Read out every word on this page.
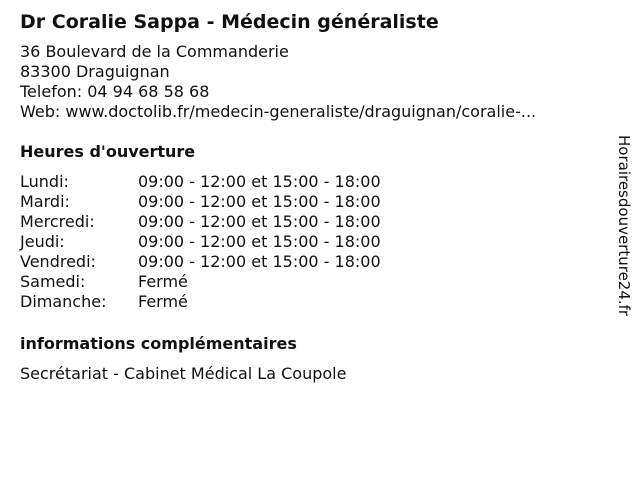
Dr Coralie Sappa - Médecin généraliste
36 Boulevard de la Commanderie
83300 Draguignan
Telefon: 04 94 68 58 68
Web: www.doctolib.fr/medecin-generaliste/draguignan/coralie-...
Heures d'ouverture
Lundi:	09:00 - 12:00 et 15:00 - 18:00
Mardi:	09:00 - 12:00 et 15:00 - 18:00
Mercredi:	09:00 - 12:00 et 15:00 - 18:00
Jeudi:	09:00 - 12:00 et 15:00 - 18:00
Vendredi:	09:00 - 12:00 et 15:00 - 18:00
Samedi:	Fermé
Dimanche:	Fermé
informations complémentaires
Secrétariat - Cabinet Médical La Coupole
Horairesdouverture24.fr
